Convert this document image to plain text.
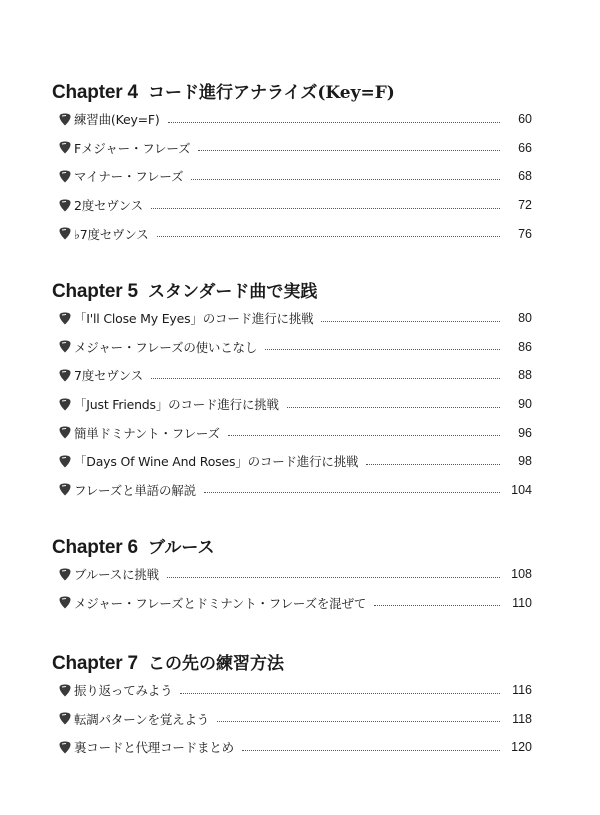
Chapter 4 コード進行アナライズ(Key=F)
練習曲(Key=F)	60
Fメジャー・フレーズ	66
マイナー・フレーズ	68
2度セヴンス	72
♭7度セヴンス	76
Chapter 5 スタンダード曲で実践
「I'll Close My Eyes」のコード進行に挑戦	80
メジャー・フレーズの使いこなし	86
7度セヴンス	88
「Just Friends」のコード進行に挑戦	90
簡単ドミナント・フレーズ	96
「Days Of Wine And Roses」のコード進行に挑戦	98
フレーズと単語の解説	104
Chapter 6 ブルース
ブルースに挑戦	108
メジャー・フレーズとドミナント・フレーズを混ぜて	110
Chapter 7 この先の練習方法
振り返ってみよう	116
転調パターンを覚えよう	118
裏コードと代理コードまとめ	120
